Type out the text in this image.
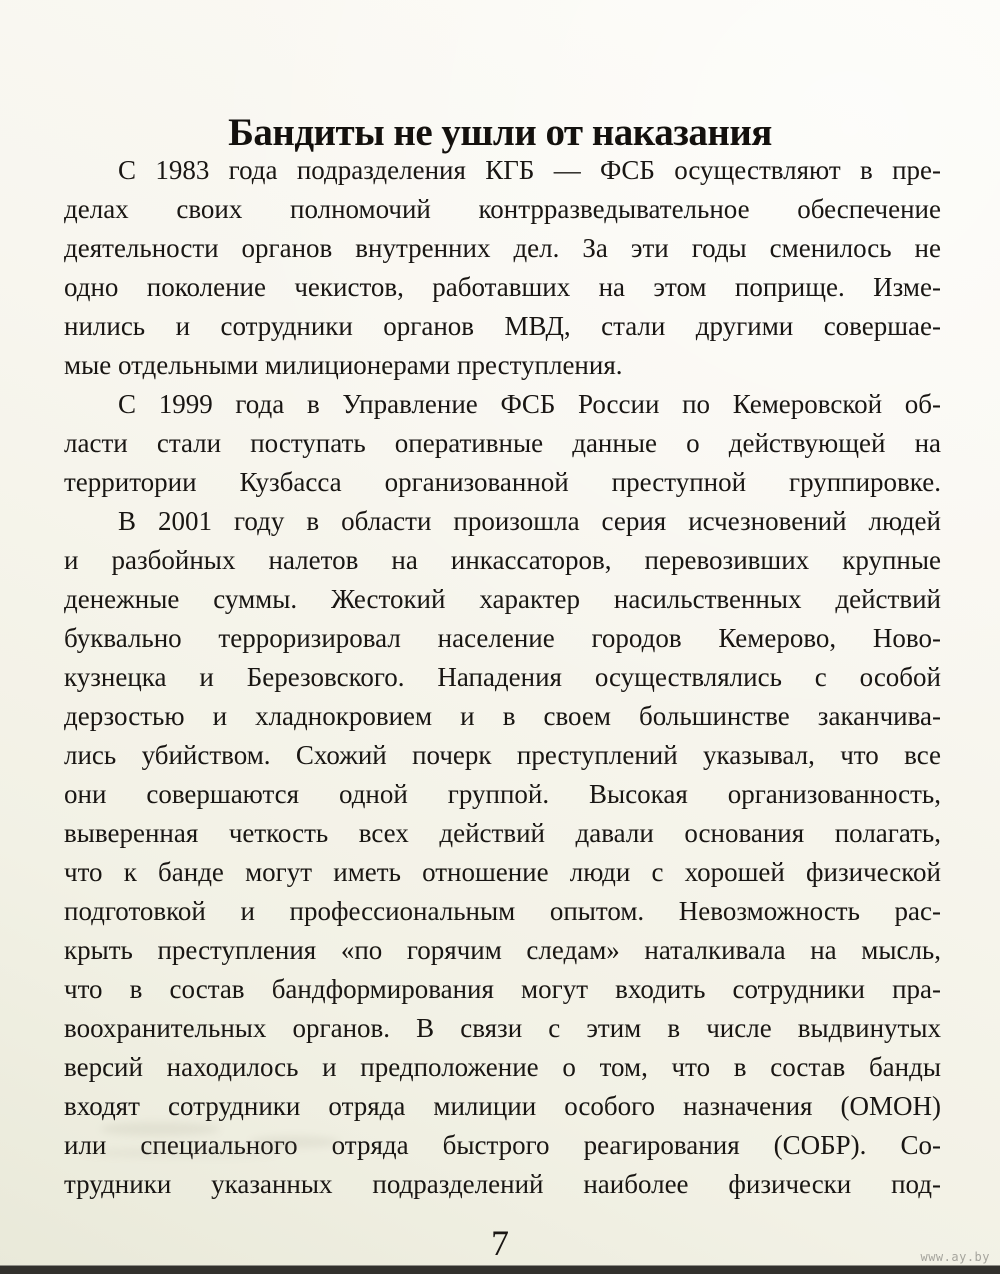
Бандиты не ушли от наказания
С 1983 года подразделения КГБ — ФСБ осуществляют в пре-
делах своих полномочий контрразведывательное обеспечение
деятельности органов внутренних дел. За эти годы сменилось не
одно поколение чекистов, работавших на этом поприще. Изме-
нились и сотрудники органов МВД, стали другими совершае-
мые отдельными милиционерами преступления.
С 1999 года в Управление ФСБ России по Кемеровской об-
ласти стали поступать оперативные данные о действующей на
территории Кузбасса организованной преступной группировке.
В 2001 году в области произошла серия исчезновений людей
и разбойных налетов на инкассаторов, перевозивших крупные
денежные суммы. Жестокий характер насильственных действий
буквально терроризировал население городов Кемерово, Ново-
кузнецка и Березовского. Нападения осуществлялись с особой
дерзостью и хладнокровием и в своем большинстве заканчива-
лись убийством. Схожий почерк преступлений указывал, что все
они совершаются одной группой. Высокая организованность,
выверенная четкость всех действий давали основания полагать,
что к банде могут иметь отношение люди с хорошей физической
подготовкой и профессиональным опытом. Невозможность рас-
крыть преступления «по горячим следам» наталкивала на мысль,
что в состав бандформирования могут входить сотрудники пра-
воохранительных органов. В связи с этим в числе выдвинутых
версий находилось и предположение о том, что в состав банды
входят сотрудники отряда милиции особого назначения (ОМОН)
или специального отряда быстрого реагирования (СОБР). Со-
трудники указанных подразделений наиболее физически под-
7	www.ay.by
